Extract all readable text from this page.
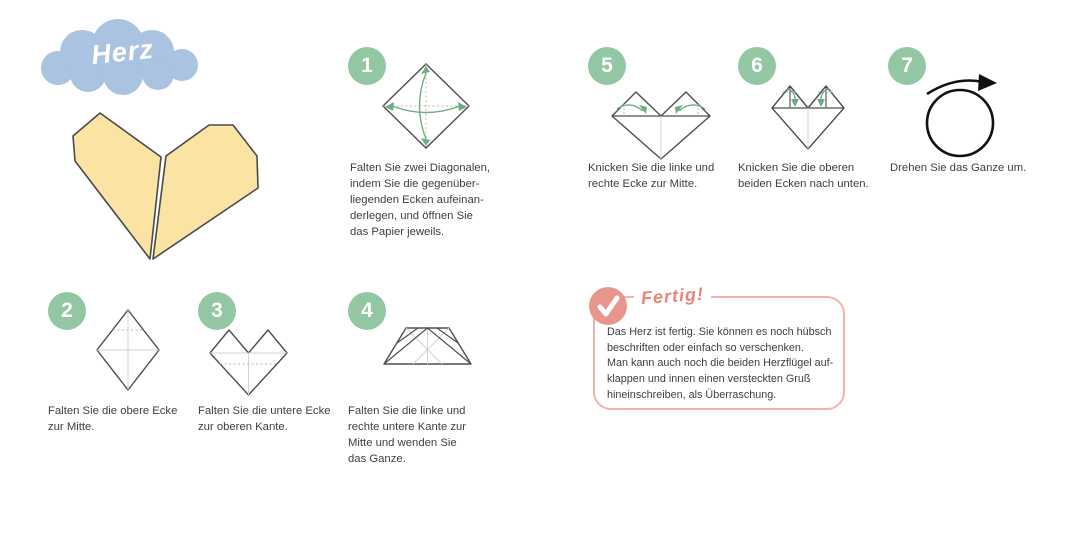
Herz	1
Falten Sie zwei Diagonalen,
indem Sie die gegenüber-
liegenden Ecken aufeinan-
derlegen, und öffnen Sie
das Papier jeweils.
5
Knicken Sie die linke und
rechte Ecke zur Mitte.
6
Knicken Sie die oberen
beiden Ecken nach unten.
7
Drehen Sie das Ganze um.
2
Falten Sie die obere Ecke
zur Mitte.
3
Falten Sie die untere Ecke
zur oberen Kante.
4
Falten Sie die linke und
rechte untere Kante zur
Mitte und wenden Sie
das Ganze.
Fertig!
Das Herz ist fertig. Sie können es noch hübsch
beschriften oder einfach so verschenken.
Man kann auch noch die beiden Herzflügel auf-
klappen und innen einen versteckten Gruß
hineinschreiben, als Überraschung.
